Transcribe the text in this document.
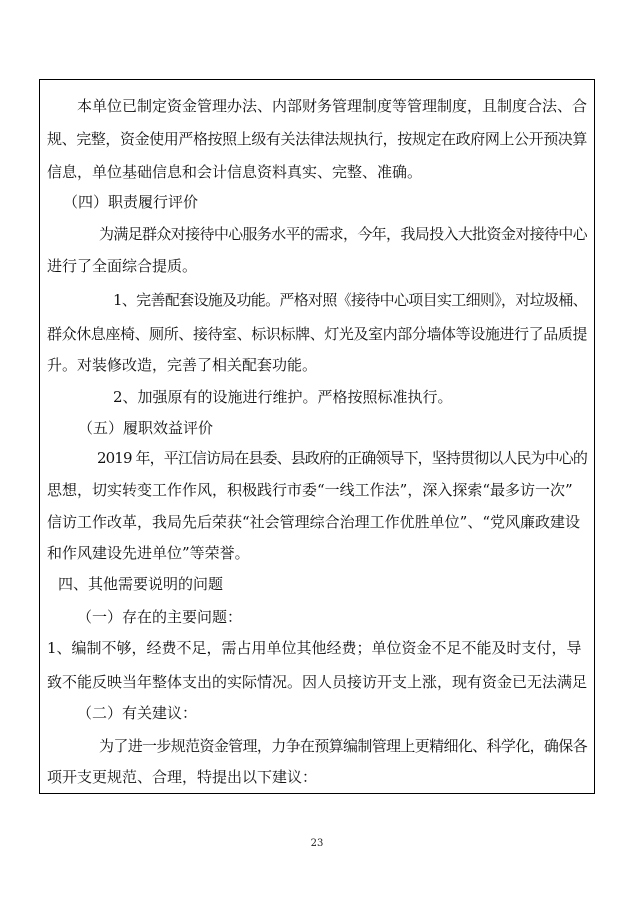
本单位已制定资金管理办法、内部财务管理制度等管理制度，且制度合法、合
规、完整，资金使用严格按照上级有关法律法规执行，按规定在政府网上公开预决算
信息，单位基础信息和会计信息资料真实、完整、准确。
（四）职责履行评价
为满足群众对接待中心服务水平的需求，今年，我局投入大批资金对接待中心
进行了全面综合提质。
1、完善配套设施及功能。严格对照《接待中心项目实工细则》，对垃圾桶、
群众休息座椅、厕所、接待室、标识标牌、灯光及室内部分墙体等设施进行了品质提
升。对装修改造，完善了相关配套功能。
2、加强原有的设施进行维护。严格按照标准执行。
（五）履职效益评价
2019 年，平江信访局在县委、县政府的正确领导下，坚持贯彻以人民为中心的
思想，切实转变工作作风，积极践行市委“一线工作法”，深入探索“最多访一次”
信访工作改革，我局先后荣获“社会管理综合治理工作优胜单位”、“党风廉政建设
和作风建设先进单位”等荣誉。
四、其他需要说明的问题
（一）存在的主要问题：
1、编制不够，经费不足，需占用单位其他经费；单位资金不足不能及时支付，导
致不能反映当年整体支出的实际情况。因人员接访开支上涨，现有资金已无法满足
（二）有关建议：
为了进一步规范资金管理，力争在预算编制管理上更精细化、科学化，确保各
项开支更规范、合理，特提出以下建议：
23
